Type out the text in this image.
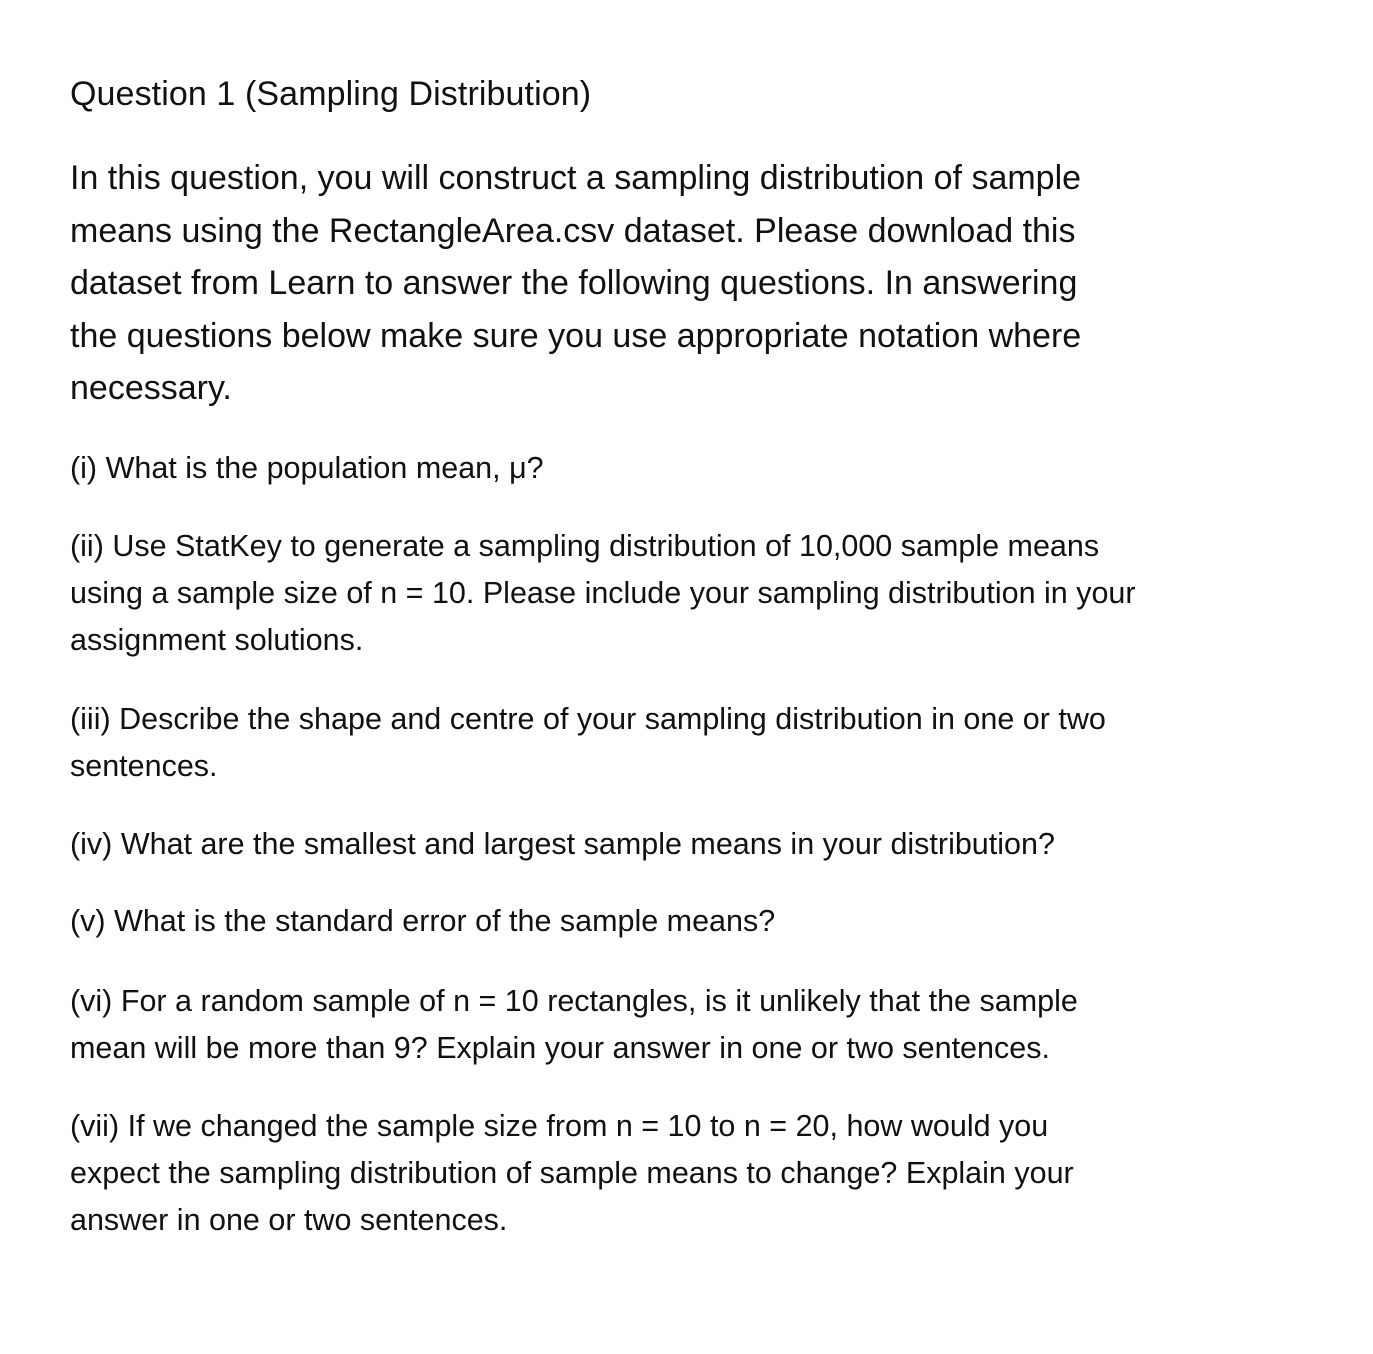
Question 1 (Sampling Distribution)

In this question, you will construct a sampling distribution of sample
means using the RectangleArea.csv dataset. Please download this
dataset from Learn to answer the following questions. In answering
the questions below make sure you use appropriate notation where
necessary.

(i) What is the population mean, μ?

(ii) Use StatKey to generate a sampling distribution of 10,000 sample means
using a sample size of n = 10. Please include your sampling distribution in your
assignment solutions.

(iii) Describe the shape and centre of your sampling distribution in one or two
sentences.

(iv) What are the smallest and largest sample means in your distribution?

(v) What is the standard error of the sample means?

(vi) For a random sample of n = 10 rectangles, is it unlikely that the sample
mean will be more than 9? Explain your answer in one or two sentences.

(vii) If we changed the sample size from n = 10 to n = 20, how would you
expect the sampling distribution of sample means to change? Explain your
answer in one or two sentences.
